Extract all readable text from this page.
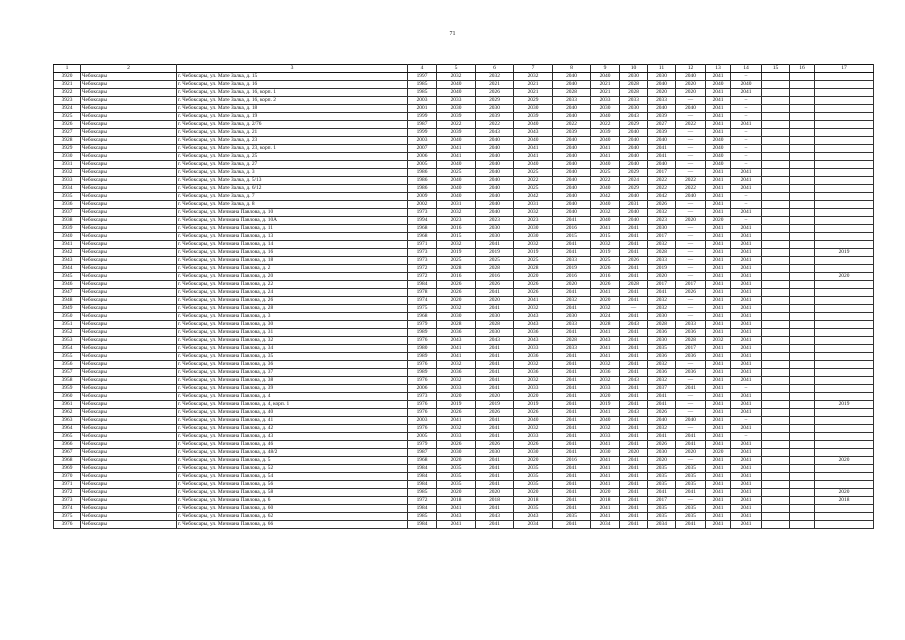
71
1	2	3	4	5	6	7	8	9	10	11	12	13	14	15	16	17
3920	Чебоксары	г. Чебоксары, ул. Мате Залка, д. 15	1997	2032	2032	2032	2040	2040	2030	2030	2040	2041	–			
3921	Чебоксары	г. Чебоксары, ул. Мате Залка, д. 16	1985	2040	2021	2021	2040	2021	2028	2040	2020	2040	2040			
3922	Чебоксары	г. Чебоксары, ул. Мате Залка, д. 16, корп. 1	1985	2040	2026	2021	2028	2021	2028	2020	2020	2041	2041			
3923	Чебоксары	г. Чебоксары, ул. Мате Залка, д. 16, корп. 2	2003	2033	2029	2029	2033	2033	2033	2033	—	2041	–			
3924	Чебоксары	г. Чебоксары, ул. Мате Залка, д. 18	2001	2030	2030	2030	2040	2030	2030	2040	2040	2041	–			
3925	Чебоксары	г. Чебоксары, ул. Мате Залка, д. 19	1999	2039	2039	2039	2040	2040	2043	2039	—	2041	–			
3926	Чебоксары	г. Чебоксары, ул. Мате Залка, д. 2/76	1987	2022	2022	2040	2022	2022	2029	2027	2022	2041	2041			
3927	Чебоксары	г. Чебоксары, ул. Мате Залка, д. 21	1999	2039	2043	2043	2039	2039	2040	2039	—	2041	–			
3928	Чебоксары	г. Чебоксары, ул. Мате Залка, д. 23	2003	2040	2040	2040	2040	2040	2040	2040	—	2040	–			
3929	Чебоксары	г. Чебоксары, ул. Мате Залка, д. 23, корп. 1	2007	2041	2040	2041	2040	2041	2040	2041	—	2040	–			
3930	Чебоксары	г. Чебоксары, ул. Мате Залка, д. 25	2006	2041	2040	2041	2040	2041	2040	2041	—	2040	–			
3931	Чебоксары	г. Чебоксары, ул. Мате Залка, д. 27	2005	2040	2040	2040	2040	2040	2040	2040	—	2040	–			
3932	Чебоксары	г. Чебоксары, ул. Мате Залка, д. 3	1986	2025	2040	2025	2040	2025	2029	2017	—	2041	2041			
3933	Чебоксары	г. Чебоксары, ул. Мате Залка, д. 5/13	1986	2040	2040	2022	2040	2022	2024	2022	2022	2041	2041			
3934	Чебоксары	г. Чебоксары, ул. Мате Залка, д. 6/12	1986	2040	2040	2025	2040	2040	2029	2022	2022	2041	2041			
3935	Чебоксары	г. Чебоксары, ул. Мате Залка, д. 7	2009	2040	2040	2042	2040	2042	2040	2042	2040	2041	–			
3936	Чебоксары	г. Чебоксары, ул. Мате Залка, д. 8	2002	2031	2040	2031	2040	2040	2031	2026	—	2041	–			
3937	Чебоксары	г. Чебоксары, ул. Мичмана Павлова, д. 10	1973	2032	2040	2032	2040	2032	2040	2032	—	2041	2041			
3938	Чебоксары	г. Чебоксары, ул. Мичмана Павлова, д. 10А	1994	2023	2023	2023	2041	2040	2040	2023	2020	2020	–			
3939	Чебоксары	г. Чебоксары, ул. Мичмана Павлова, д. 11	1968	2016	2030	2030	2016	2041	2041	2030	—	2041	2041			
3940	Чебоксары	г. Чебоксары, ул. Мичмана Павлова, д. 13	1968	2015	2030	2030	2015	2015	2041	2017	—	2041	2041			
3941	Чебоксары	г. Чебоксары, ул. Мичмана Павлова, д. 14	1971	2032	2041	2032	2041	2032	2041	2032	—	2041	2041			
3942	Чебоксары	г. Чебоксары, ул. Мичмана Павлова, д. 16	1973	2019	2019	2019	2041	2019	2041	2028	—	2041	2041			2019
3943	Чебоксары	г. Чебоксары, ул. Мичмана Павлова, д. 18	1973	2025	2025	2025	2033	2025	2026	2033	—	2041	2041			
3944	Чебоксары	г. Чебоксары, ул. Мичмана Павлова, д. 2	1972	2028	2028	2028	2019	2026	2041	2019	—	2041	2041			
3945	Чебоксары	г. Чебоксары, ул. Мичмана Павлова, д. 20	1972	2016	2016	2020	2016	2016	2041	2020	—	2041	2041			2020
3946	Чебоксары	г. Чебоксары, ул. Мичмана Павлова, д. 22	1984	2026	2026	2026	2020	2026	2028	2017	2017	2041	2041			
3947	Чебоксары	г. Чебоксары, ул. Мичмана Павлова, д. 24	1978	2026	2041	2026	2041	2041	2041	2041	2026	2041	2041			
3948	Чебоксары	г. Чебоксары, ул. Мичмана Павлова, д. 26	1974	2020	2020	2041	2032	2020	2041	2032	—	2041	2041			
3949	Чебоксары	г. Чебоксары, ул. Мичмана Павлова, д. 28	1975	2032	2041	2032	2041	2032	—	2032	—	2041	2041			
3950	Чебоксары	г. Чебоксары, ул. Мичмана Павлова, д. 3	1968	2030	2030	2043	2030	2024	2041	2030	—	2041	2041			
3951	Чебоксары	г. Чебоксары, ул. Мичмана Павлова, д. 30	1979	2028	2028	2043	2033	2028	2043	2028	2033	2041	2041			
3952	Чебоксары	г. Чебоксары, ул. Мичмана Павлова, д. 31	1989	2036	2030	2036	2041	2041	2041	2036	2036	2041	2041			
3953	Чебоксары	г. Чебоксары, ул. Мичмана Павлова, д. 32	1976	2043	2043	2043	2028	2043	2041	2030	2028	2032	2041			
3954	Чебоксары	г. Чебоксары, ул. Мичмана Павлова, д. 34	1980	2041	2041	2033	2033	2041	2041	2035	2017	2041	2041			
3955	Чебоксары	г. Чебоксары, ул. Мичмана Павлова, д. 35	1989	2041	2041	2036	2041	2041	2041	2036	2036	2041	2041			
3956	Чебоксары	г. Чебоксары, ул. Мичмана Павлова, д. 36	1976	2032	2041	2032	2041	2032	2041	2032	—	2041	2041			
3957	Чебоксары	г. Чебоксары, ул. Мичмана Павлова, д. 37	1989	2036	2041	2036	2041	2036	2041	2036	2036	2041	2041			
3958	Чебоксары	г. Чебоксары, ул. Мичмана Павлова, д. 38	1976	2032	2041	2032	2041	2032	2043	2032	—	2041	2041			
3959	Чебоксары	г. Чебоксары, ул. Мичмана Павлова, д. 39	2006	2033	2041	2033	2041	2033	2041	2037	2041	2041	–			
3960	Чебоксары	г. Чебоксары, ул. Мичмана Павлова, д. 4	1973	2020	2020	2020	2041	2020	2041	2041	—	2041	2041			
3961	Чебоксары	г. Чебоксары, ул. Мичмана Павлова, д. 4, корп. 1	1976	2019	2019	2019	2041	2019	2041	2041	—	2041	2041			2019
3962	Чебоксары	г. Чебоксары, ул. Мичмана Павлова, д. 40	1976	2026	2026	2026	2041	2041	2043	2026	—	2041	2041			
3963	Чебоксары	г. Чебоксары, ул. Мичмана Павлова, д. 41	2003	2041	2041	2040	2041	2040	2041	2040	2040	2041	–			
3964	Чебоксары	г. Чебоксары, ул. Мичмана Павлова, д. 42	1976	2032	2041	2032	2041	2032	2041	2032	—	2041	2041			
3965	Чебоксары	г. Чебоксары, ул. Мичмана Павлова, д. 43	2005	2033	2041	2033	2041	2033	2041	2041	2041	2041	–			
3966	Чебоксары	г. Чебоксары, ул. Мичмана Павлова, д. 46	1979	2026	2026	2026	2041	2041	2041	2026	2041	2041	2041			
3967	Чебоксары	г. Чебоксары, ул. Мичмана Павлова, д. 48/2	1987	2030	2030	2030	2041	2030	2020	2030	2020	2020	2041			
3968	Чебоксары	г. Чебоксары, ул. Мичмана Павлова, д. 5	1968	2020	2041	2020	2016	2041	2041	2020	—	2041	2041			2020
3969	Чебоксары	г. Чебоксары, ул. Мичмана Павлова, д. 52	1984	2035	2041	2035	2041	2041	2041	2035	2035	2041	2041			
3970	Чебоксары	г. Чебоксары, ул. Мичмана Павлова, д. 54	1984	2035	2041	2035	2041	2041	2041	2035	2035	2041	2041			
3971	Чебоксары	г. Чебоксары, ул. Мичмана Павлова, д. 56	1984	2035	2041	2035	2041	2041	2041	2035	2035	2041	2041			
3972	Чебоксары	г. Чебоксары, ул. Мичмана Павлова, д. 58	1985	2020	2020	2020	2041	2020	2041	2041	2041	2041	2041			2020
3973	Чебоксары	г. Чебоксары, ул. Мичмана Павлова, д. 6	1972	2018	2018	2018	2041	2018	2041	2017	—	2041	2041			2018
3974	Чебоксары	г. Чебоксары, ул. Мичмана Павлова, д. 60	1984	2041	2041	2035	2041	2041	2041	2035	2035	2041	2041			
3975	Чебоксары	г. Чебоксары, ул. Мичмана Павлова, д. 62	1985	2043	2043	2043	2035	2041	2041	2035	2035	2041	2041			
3976	Чебоксары	г. Чебоксары, ул. Мичмана Павлова, д. 66	1984	2041	2041	2034	2041	2034	2041	2034	2041	2041	2041			
